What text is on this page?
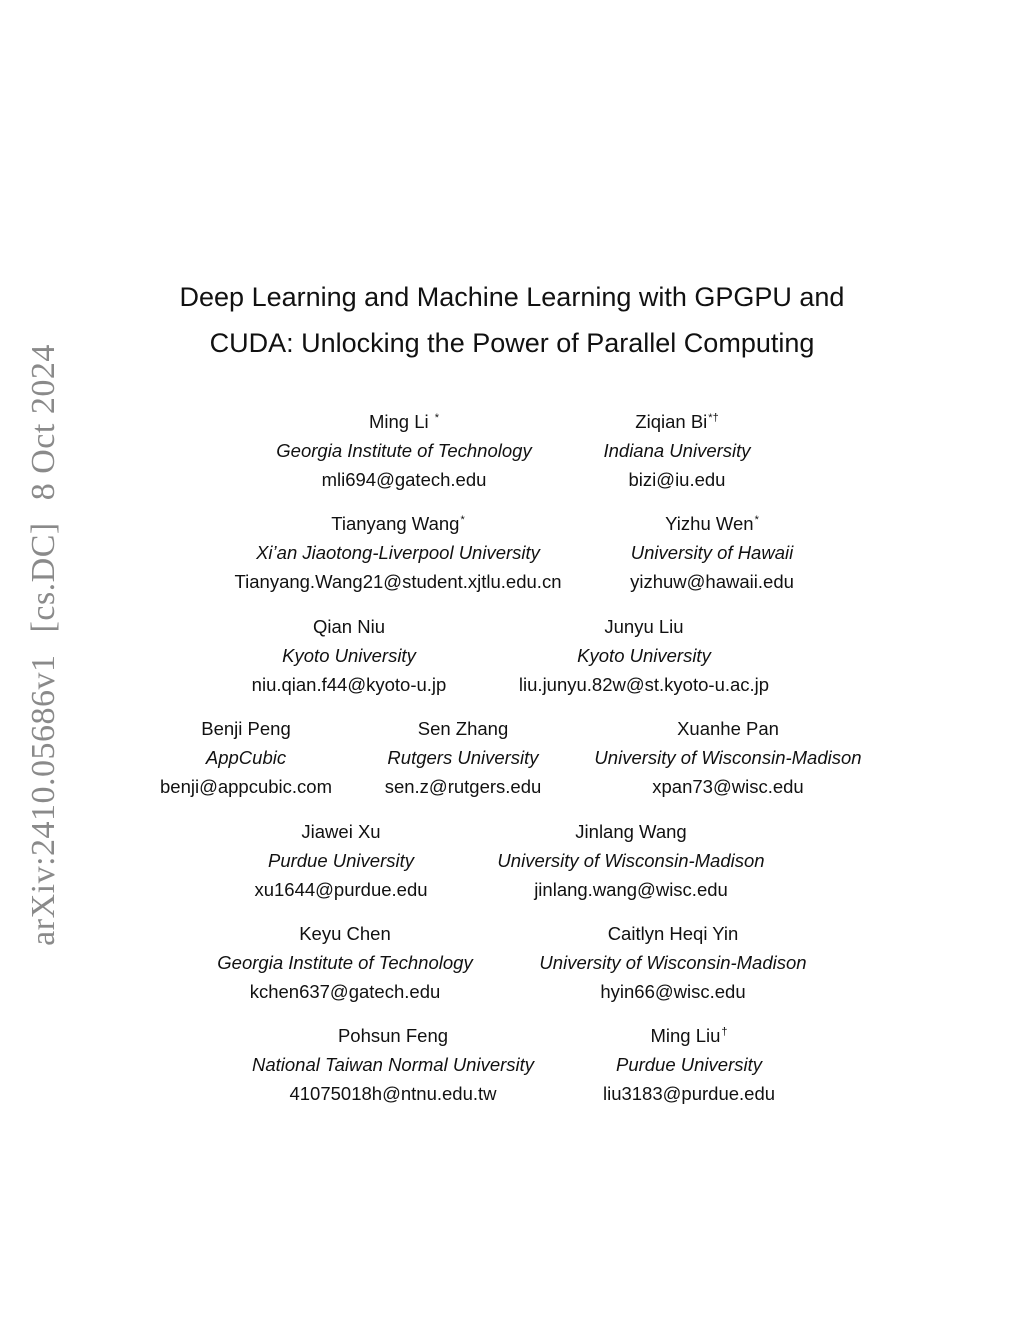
arXiv:2410.05686v1[cs.DC]8 Oct 2024
Deep Learning and Machine Learning with GPGPU and
CUDA: Unlocking the Power of Parallel Computing
Ming Li *
Georgia Institute of Technology
mli694@gatech.edu
Ziqian Bi*†
Indiana University
bizi@iu.edu
Tianyang Wang*
Xi’an Jiaotong-Liverpool University
Tianyang.Wang21@student.xjtlu.edu.cn
Yizhu Wen*
University of Hawaii
yizhuw@hawaii.edu
Qian Niu
Kyoto University
niu.qian.f44@kyoto-u.jp
Junyu Liu
Kyoto University
liu.junyu.82w@st.kyoto-u.ac.jp
Benji Peng
AppCubic
benji@appcubic.com
Sen Zhang
Rutgers University
sen.z@rutgers.edu
Xuanhe Pan
University of Wisconsin-Madison
xpan73@wisc.edu
Jiawei Xu
Purdue University
xu1644@purdue.edu
Jinlang Wang
University of Wisconsin-Madison
jinlang.wang@wisc.edu
Keyu Chen
Georgia Institute of Technology
kchen637@gatech.edu
Caitlyn Heqi Yin
University of Wisconsin-Madison
hyin66@wisc.edu
Pohsun Feng
National Taiwan Normal University
41075018h@ntnu.edu.tw
Ming Liu†
Purdue University
liu3183@purdue.edu
